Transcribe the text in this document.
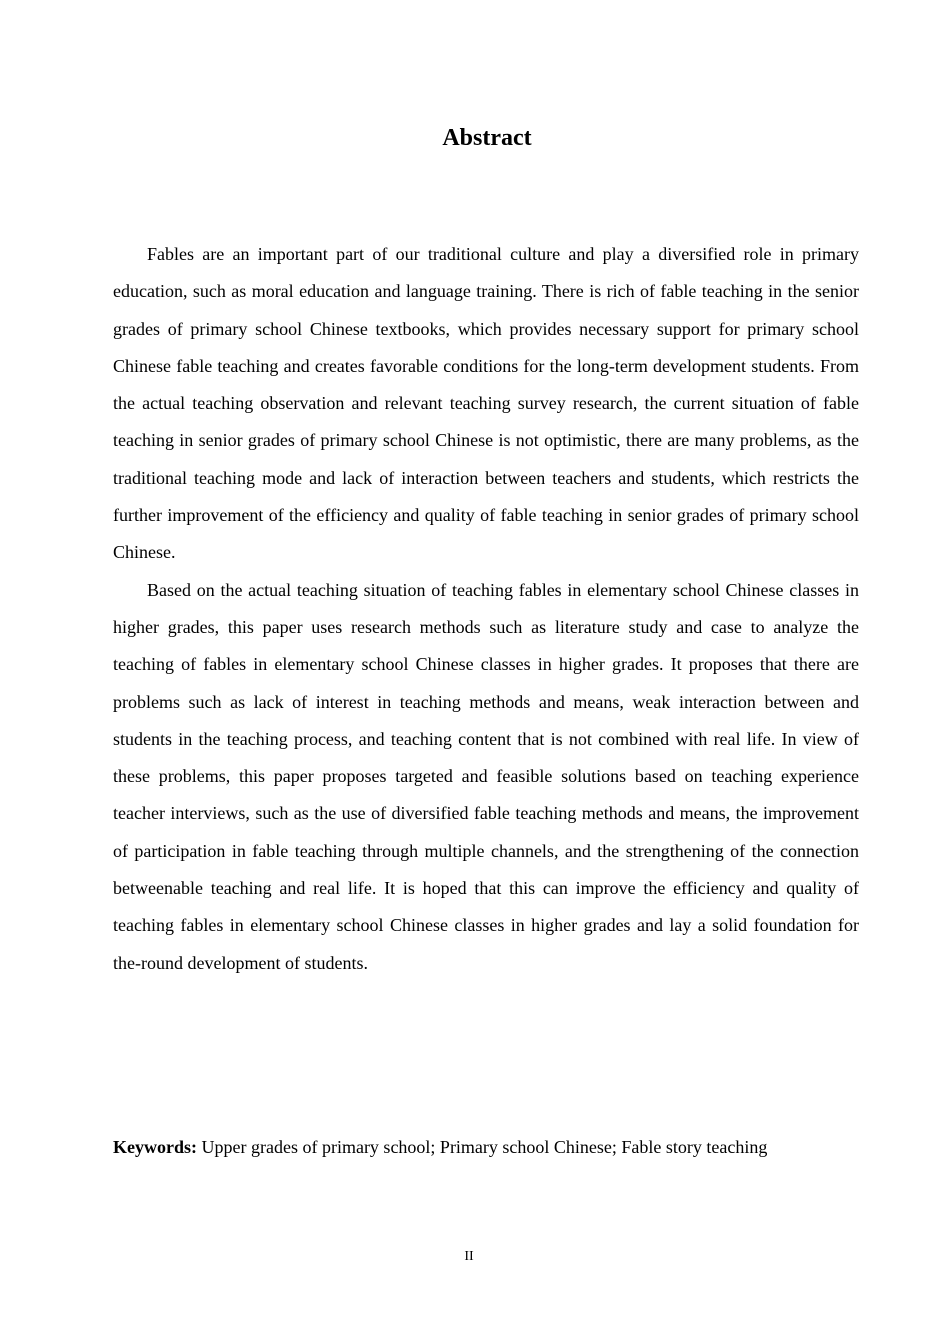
Abstract

Fables are an important part of our traditional culture and play a diversified role in primary education, such as moral education and language training. There is rich of fable teaching in the senior grades of primary school Chinese textbooks, which provides necessary support for primary school Chinese fable teaching and creates favorable conditions for the long-term development students. From the actual teaching observation and relevant teaching survey research, the current situation of fable teaching in senior grades of primary school Chinese is not optimistic, there are many problems, as the traditional teaching mode and lack of interaction between teachers and students, which restricts the further improvement of the efficiency and quality of fable teaching in senior grades of primary school Chinese.

Based on the actual teaching situation of teaching fables in elementary school Chinese classes in higher grades, this paper uses research methods such as literature study and case to analyze the teaching of fables in elementary school Chinese classes in higher grades. It proposes that there are problems such as lack of interest in teaching methods and means, weak interaction between and students in the teaching process, and teaching content that is not combined with real life. In view of these problems, this paper proposes targeted and feasible solutions based on teaching experience teacher interviews, such as the use of diversified fable teaching methods and means, the improvement of participation in fable teaching through multiple channels, and the strengthening of the connection betweenable teaching and real life. It is hoped that this can improve the efficiency and quality of teaching fables in elementary school Chinese classes in higher grades and lay a solid foundation for the-round development of students.

Keywords: Upper grades of primary school; Primary school Chinese; Fable story teaching

II
